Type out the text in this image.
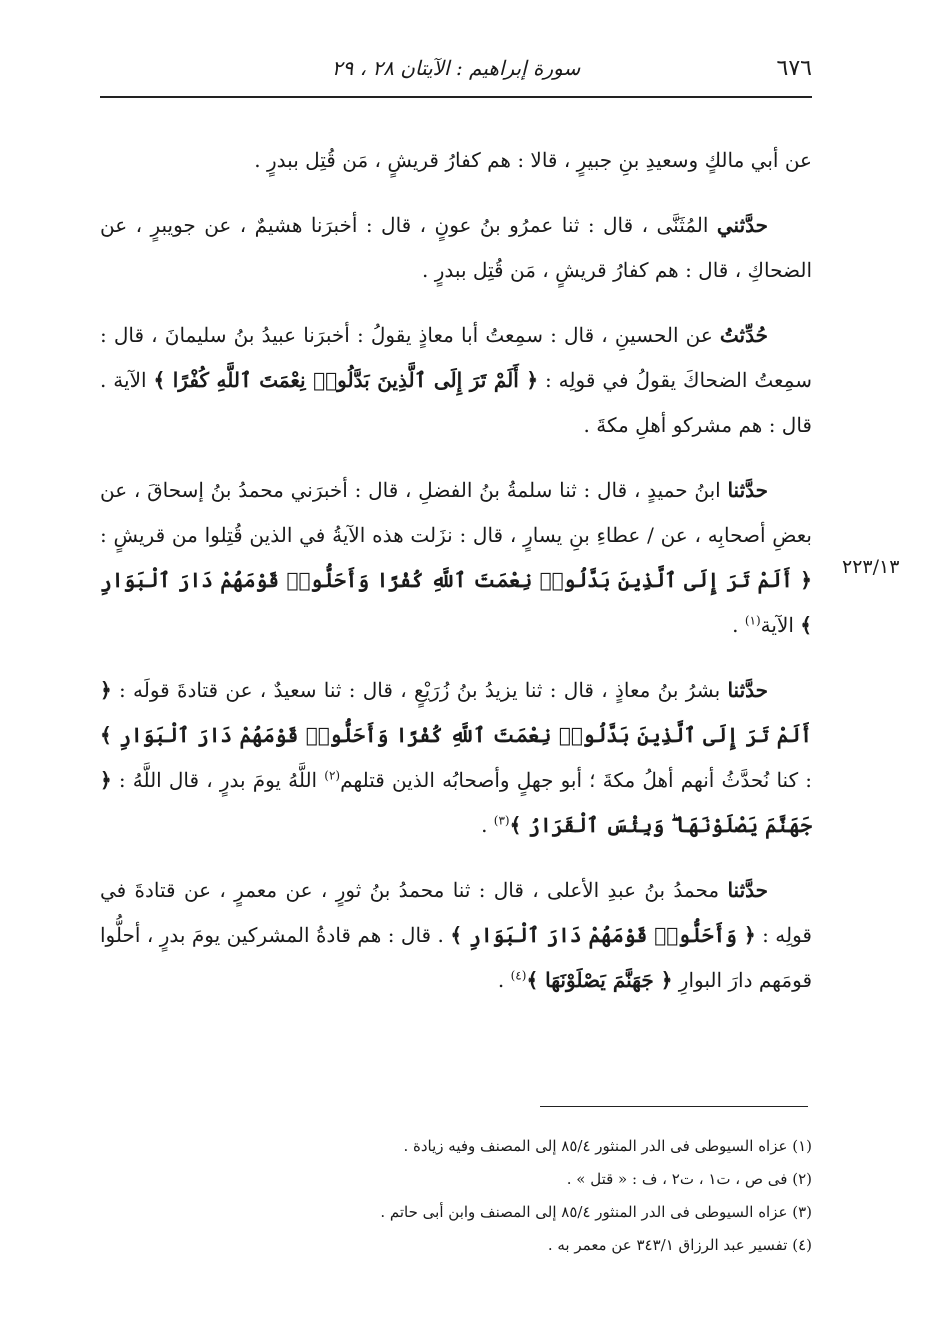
٦٧٦
سورة إبراهيم : الآيتان ٢٨ ، ٢٩
٢٢٣/١٣

عن أبي مالكٍ وسعيدِ بنِ جبيرٍ ، قالا : هم كفارُ قريشٍ ، مَن قُتِل ببدرٍ .

حدَّثني المُثَنَّى ، قال : ثنا عمرُو بنُ عونٍ ، قال : أخبرَنا هشيمٌ ، عن جويبرٍ ، عن الضحاكِ ، قال : هم كفارُ قريشٍ ، مَن قُتِل ببدرٍ .

حُدِّثتُ عن الحسينِ ، قال : سمِعتُ أبا معاذٍ يقولُ : أخبرَنا عبيدُ بنُ سليمانَ ، قال : سمِعتُ الضحاكَ يقولُ في قولِه : ﴿ أَلَمْ تَرَ إِلَى ٱلَّذِينَ بَدَّلُوا۟ نِعْمَتَ ٱللَّهِ كُفْرًا ﴾ الآية . قال : هم مشركو أهلِ مكةَ .

حدَّثنا ابنُ حميدٍ ، قال : ثنا سلمةُ بنُ الفضلِ ، قال : أخبرَني محمدُ بنُ إسحاقَ ، عن بعضِ أصحابِه ، عن / عطاءِ بنِ يسارٍ ، قال : نزَلت هذه الآيةُ في الذين قُتِلوا من قريشٍ : ﴿ أَلَمْ تَرَ إِلَى ٱلَّذِينَ بَدَّلُوا۟ نِعْمَتَ ٱللَّهِ كُفْرًا وَأَحَلُّوا۟ قَوْمَهُمْ دَارَ ٱلْبَوَارِ ﴾ الآية$^{(١)}$ .

حدَّثنا بشرُ بنُ معاذٍ ، قال : ثنا يزيدُ بنُ زُرَيْعٍ ، قال : ثنا سعيدٌ ، عن قتادةَ قولَه : ﴿ أَلَمْ تَرَ إِلَى ٱلَّذِينَ بَدَّلُوا۟ نِعْمَتَ ٱللَّهِ كُفْرًا وَأَحَلُّوا۟ قَوْمَهُمْ دَارَ ٱلْبَوَارِ ﴾ : كنا نُحدَّثُ أنهم أهلُ مكةَ ؛ أبو جهلٍ وأصحابُه الذين قتلهم$^{(٢)}$ اللَّهُ يومَ بدرٍ ، قال اللَّهُ : ﴿ جَهَنَّمَ يَصْلَوْنَهَا ۖ وَبِئْسَ ٱلْقَرَارُ ﴾$^{(٣)}$ .

حدَّثنا محمدُ بنُ عبدِ الأعلى ، قال : ثنا محمدُ بنُ ثورٍ ، عن معمرٍ ، عن قتادةَ في قولِه : ﴿ وَأَحَلُّوا۟ قَوْمَهُمْ دَارَ ٱلْبَوَارِ ﴾ . قال : هم قادةُ المشركين يومَ بدرٍ ، أحلُّوا قومَهم دارَ البوارِ ﴿ جَهَنَّمَ يَصْلَوْنَهَا ﴾$^{(٤)}$ .

(١) عزاه السيوطى فى الدر المنثور ٨٥/٤ إلى المصنف وفيه زيادة .

(٢) فى ص ، ت١ ، ت٢ ، ف : « قتل » .

(٣) عزاه السيوطى فى الدر المنثور ٨٥/٤ إلى المصنف وابن أبى حاتم .

(٤) تفسير عبد الرزاق ٣٤٣/١ عن معمر به .
